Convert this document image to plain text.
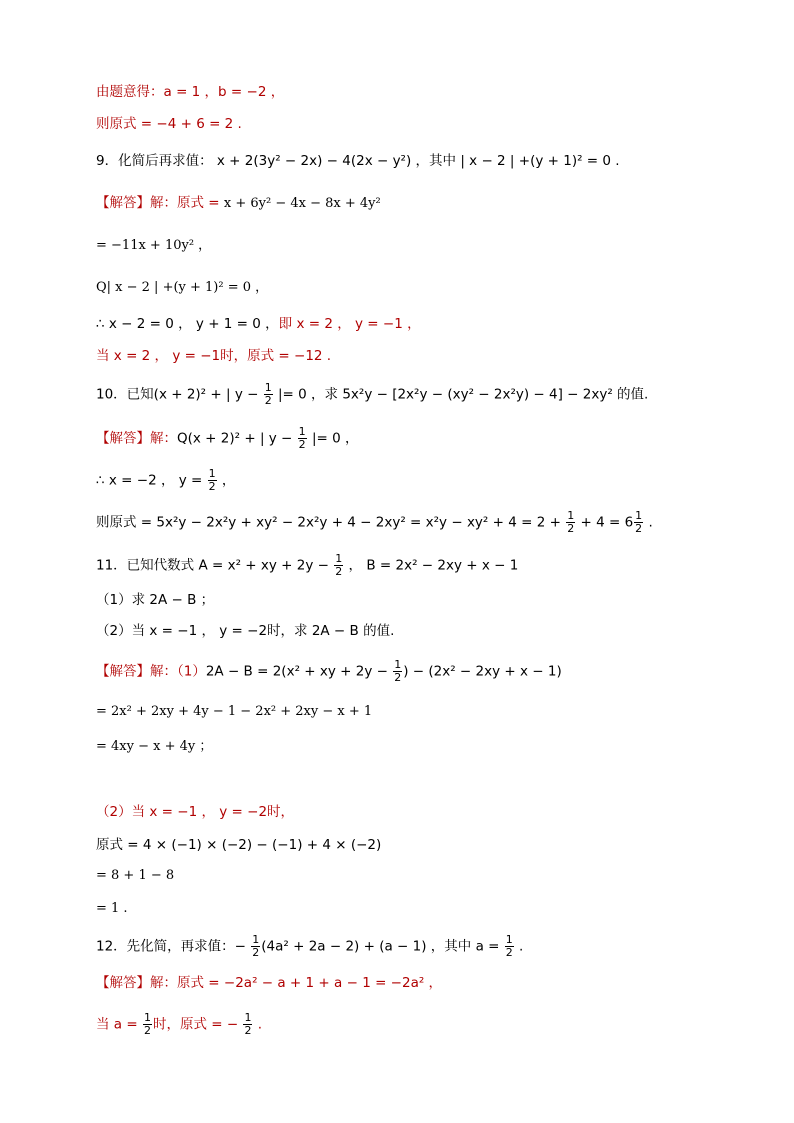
由题意得：a = 1 ，b = −2 ，
则原式 = −4 + 6 = 2 .
9．化简后再求值： x + 2(3y² − 2x) − 4(2x − y²) ，其中 | x − 2 | +(y + 1)² = 0 .
【解答】解：原式 = x + 6y² − 4x − 8x + 4y²
= −11x + 10y² ，
Q| x − 2 | +(y + 1)² = 0 ，
∴ x − 2 = 0 ， y + 1 = 0 ，即 x = 2 ， y = −1 ，
当 x = 2 ， y = −1时，原式 = −12 .
10．已知(x + 2)² + | $y - \frac{1}{2}$ |= 0 ，求 5x²y − [2x²y − (xy² − 2x²y) − 4] − 2xy² 的值.
【解答】解：Q(x + 2)² + | $y - \frac{1}{2}$ |= 0 ，
∴ x = −2 ， $y = \frac{1}{2}$ ，
则原式 = $5x^2y - 2x^2y + xy^2 - 2x^2y + 4 - 2xy^2 = x^2y - xy^2 + 4 = 2 + \frac{1}{2} + 4 = 6 \frac{1}{2}$ .
11．已知代数式 A = x² + xy + $2y - \frac{1}{2}$ ， B = 2x² − 2xy + x − 1
（1）求 2A − B ；
（2）当 x = −1 ， y = −2时，求 2A − B 的值.
【解答】解：（1）2A − B = 2(x² + xy + $2y - \frac{1}{2}$ ) − (2x² − 2xy + x − 1)
= 2x² + 2xy + 4y − 1 − 2x² + 2xy − x + 1
= 4xy − x + 4y ；
（2）当 x = −1 ， y = −2时，
原式 = 4 × (−1) × (−2) − (−1) + 4 × (−2)
= 8 + 1 − 8
= 1 .
12．先化简，再求值：− $\frac{1}{2} (4a^2 + 2a - 2) + (a - 1)$ ，其中 $a = \frac{1}{2}$ .
【解答】解：原式 = −2a² − a + 1 + a − 1 = −2a² ，
当 $a = \frac{1}{2}$ 时，原式 = − $\frac{1}{2}$ .
